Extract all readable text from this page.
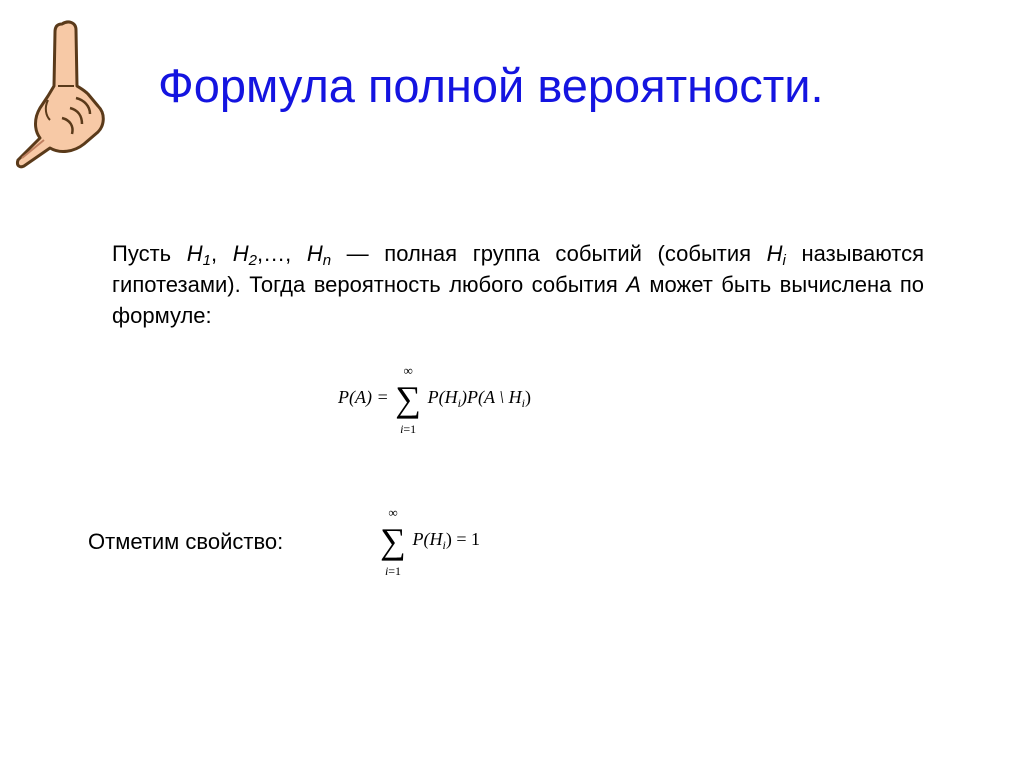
Формула полной вероятности.
Пусть $H_1$, $H_2,\dots$, $H_n$ — полная группа событий (события $H_i$ называются гипотезами). Тогда вероятность любого события A может быть вычислена по формуле:
P(A) =
∞
∑
i=1
$P(H_i)P(A$ \ $H_i$)
Отметим свойство:
∞
∑
i=1
$P(H_i) = 1$
